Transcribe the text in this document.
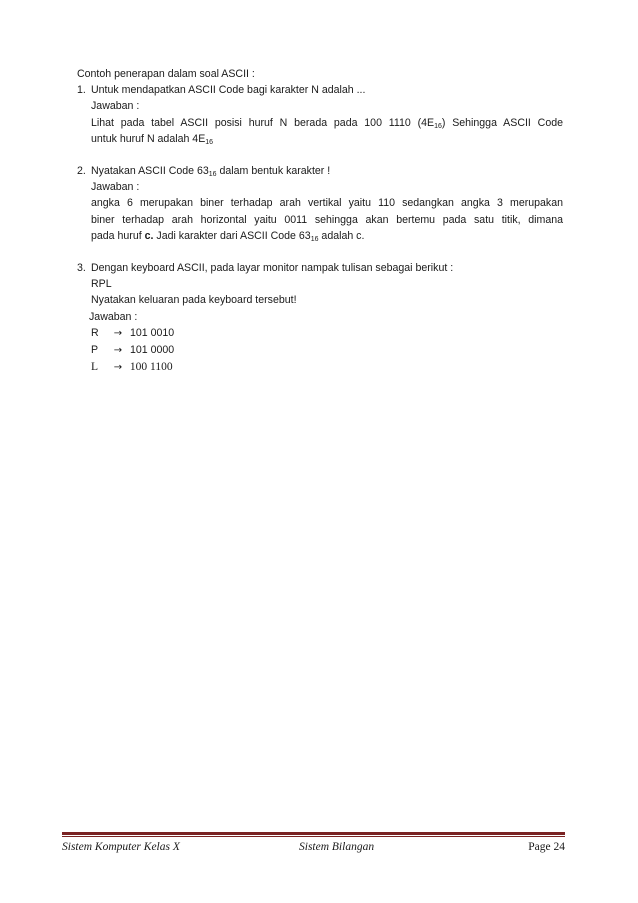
Contoh penerapan dalam soal ASCII :
1. Untuk mendapatkan ASCII Code bagi karakter N adalah ...
Jawaban :
Lihat pada tabel ASCII posisi huruf N berada pada 100 1110 $(4E_{16})$ Sehingga ASCII Code
untuk huruf N adalah $4E_{16}$
2. Nyatakan ASCII Code $63_{16}$ dalam bentuk karakter !
Jawaban :
angka 6 merupakan biner terhadap arah vertikal yaitu 110 sedangkan angka 3 merupakan
biner terhadap arah horizontal yaitu 0011 sehingga akan bertemu pada satu titik, dimana
pada huruf c. Jadi karakter dari ASCII Code $63_{16}$ adalah c.
3. Dengan keyboard ASCII, pada layar monitor nampak tulisan sebagai berikut :
RPL
Nyatakan keluaran pada keyboard tersebut!
Jawaban :
R → 101 0010
P → 101 0000
L → 100 1100
Sistem Komputer Kelas X	Sistem Bilangan	Page 24
